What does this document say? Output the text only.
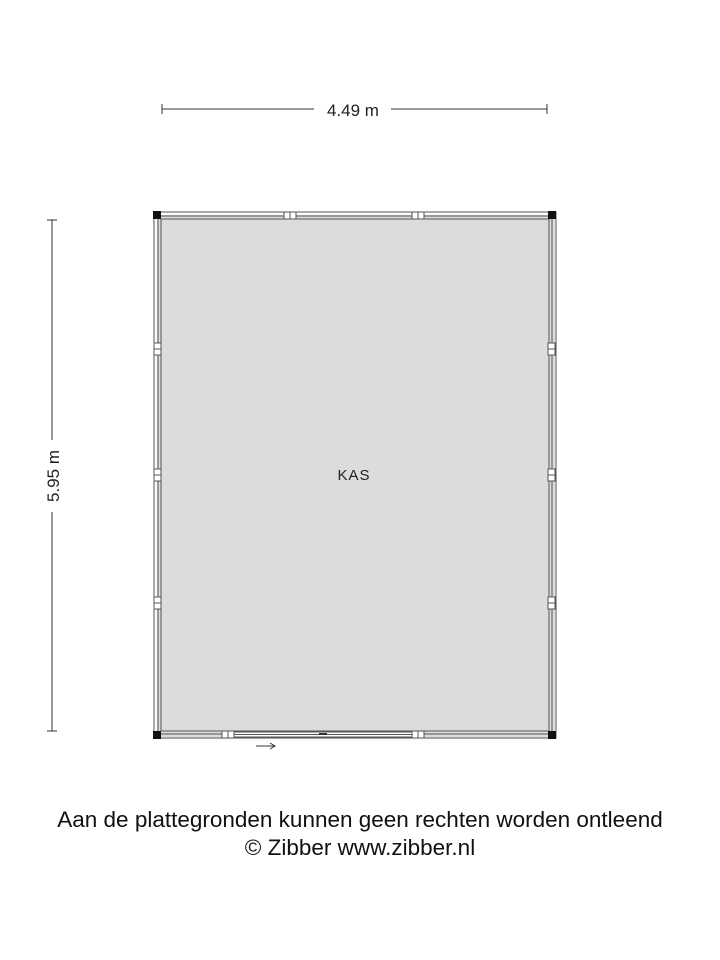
4.49 m
5.95 m	KAS
Aan de plattegronden kunnen geen rechten worden ontleend
© Zibber www.zibber.nl
